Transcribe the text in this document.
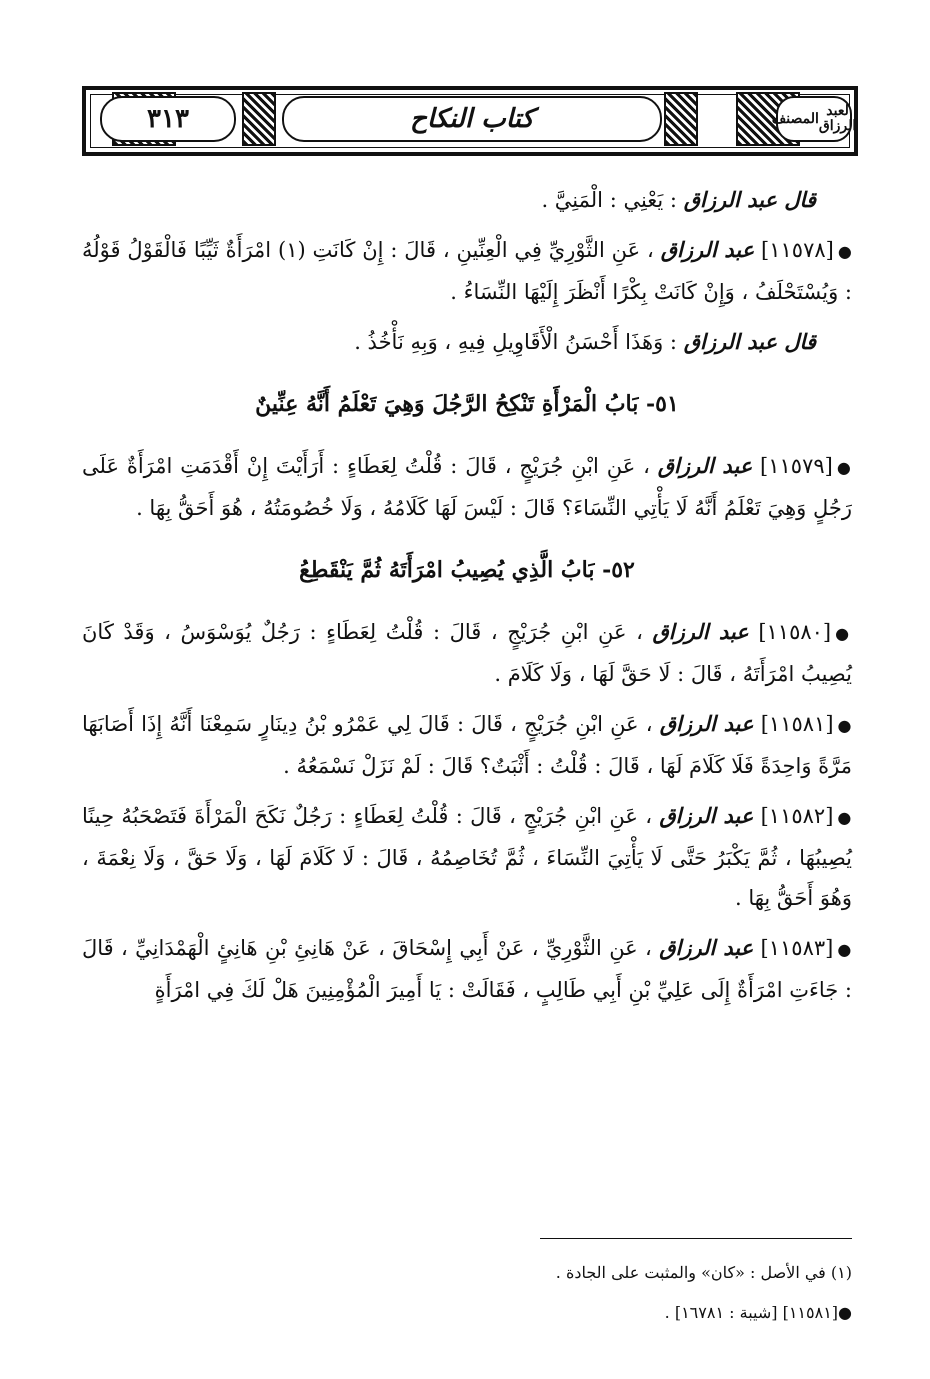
٣١٣	كتاب النكاح	المصنف لعبد الرزاق

قال عبد الرزاق : يَعْنِي : الْمَنِيَّ .

●[١١٥٧٨] عبد الرزاق ، عَنِ الثَّوْرِيِّ فِي الْعِنِّينِ ، قَالَ : إِنْ كَانَتِ (١) امْرَأَةٌ ثَيِّبًا فَالْقَوْلُ قَوْلُهُ : وَيُسْتَحْلَفُ ، وَإِنْ كَانَتْ بِكْرًا أَنْظَرَ إِلَيْهَا النِّسَاءُ .

قال عبد الرزاق : وَهَذَا أَحْسَنُ الْأَقَاوِيلِ فِيهِ ، وَبِهِ نَأْخُذُ .

٥١- بَابُ الْمَرْأَةِ تَنْكِحُ الرَّجُلَ وَهِيَ تَعْلَمُ أَنَّهُ عِنِّينٌ

●[١١٥٧٩] عبد الرزاق ، عَنِ ابْنِ جُرَيْجٍ ، قَالَ : قُلْتُ لِعَطَاءٍ : أَرَأَيْتَ إِنْ أَقْدَمَتِ امْرَأَةٌ عَلَى رَجُلٍ وَهِيَ تَعْلَمُ أَنَّهُ لَا يَأْتِي النِّسَاءَ؟ قَالَ : لَيْسَ لَهَا كَلَامُهُ ، وَلَا خُصُومَتُهُ ، هُوَ أَحَقُّ بِهَا .

٥٢- بَابُ الَّذِي يُصِيبُ امْرَأَتَهُ ثُمَّ يَنْقَطِعُ

●[١١٥٨٠] عبد الرزاق ، عَنِ ابْنِ جُرَيْجٍ ، قَالَ : قُلْتُ لِعَطَاءٍ : رَجُلٌ يُوَسْوَسُ ، وَقَدْ كَانَ يُصِيبُ امْرَأَتَهُ ، قَالَ : لَا حَقَّ لَهَا ، وَلَا كَلَامَ .

●[١١٥٨١] عبد الرزاق ، عَنِ ابْنِ جُرَيْجٍ ، قَالَ : قَالَ لِي عَمْرُو بْنُ دِينَارٍ سَمِعْنَا أَنَّهُ إِذَا أَصَابَهَا مَرَّةً وَاحِدَةً فَلَا كَلَامَ لَهَا ، قَالَ : قُلْتُ : أَثْبَتٌ؟ قَالَ : لَمْ نَزَلْ نَسْمَعُهُ .

●[١١٥٨٢] عبد الرزاق ، عَنِ ابْنِ جُرَيْجٍ ، قَالَ : قُلْتُ لِعَطَاءٍ : رَجُلٌ نَكَحَ الْمَرْأَةَ فَتَصْحَبُهُ حِينًا يُصِيبُهَا ، ثُمَّ يَكْبَرُ حَتَّى لَا يَأْتِيَ النِّسَاءَ ، ثُمَّ تُخَاصِمُهُ ، قَالَ : لَا كَلَامَ لَهَا ، وَلَا حَقَّ ، وَلَا نِعْمَةَ ، وَهُوَ أَحَقُّ بِهَا .

●[١١٥٨٣] عبد الرزاق ، عَنِ الثَّوْرِيِّ ، عَنْ أَبِي إِسْحَاقَ ، عَنْ هَانِئِ بْنِ هَانِئٍ الْهَمْدَانِيِّ ، قَالَ : جَاءَتِ امْرَأَةٌ إِلَى عَلِيِّ بْنِ أَبِي طَالِبٍ ، فَقَالَتْ : يَا أَمِيرَ الْمُؤْمِنِينَ هَلْ لَكَ فِي امْرَأَةٍ

(١) في الأصل : «كان» والمثبت على الجادة .
●[١١٥٨١] [شيبة : ١٦٧٨١] .
